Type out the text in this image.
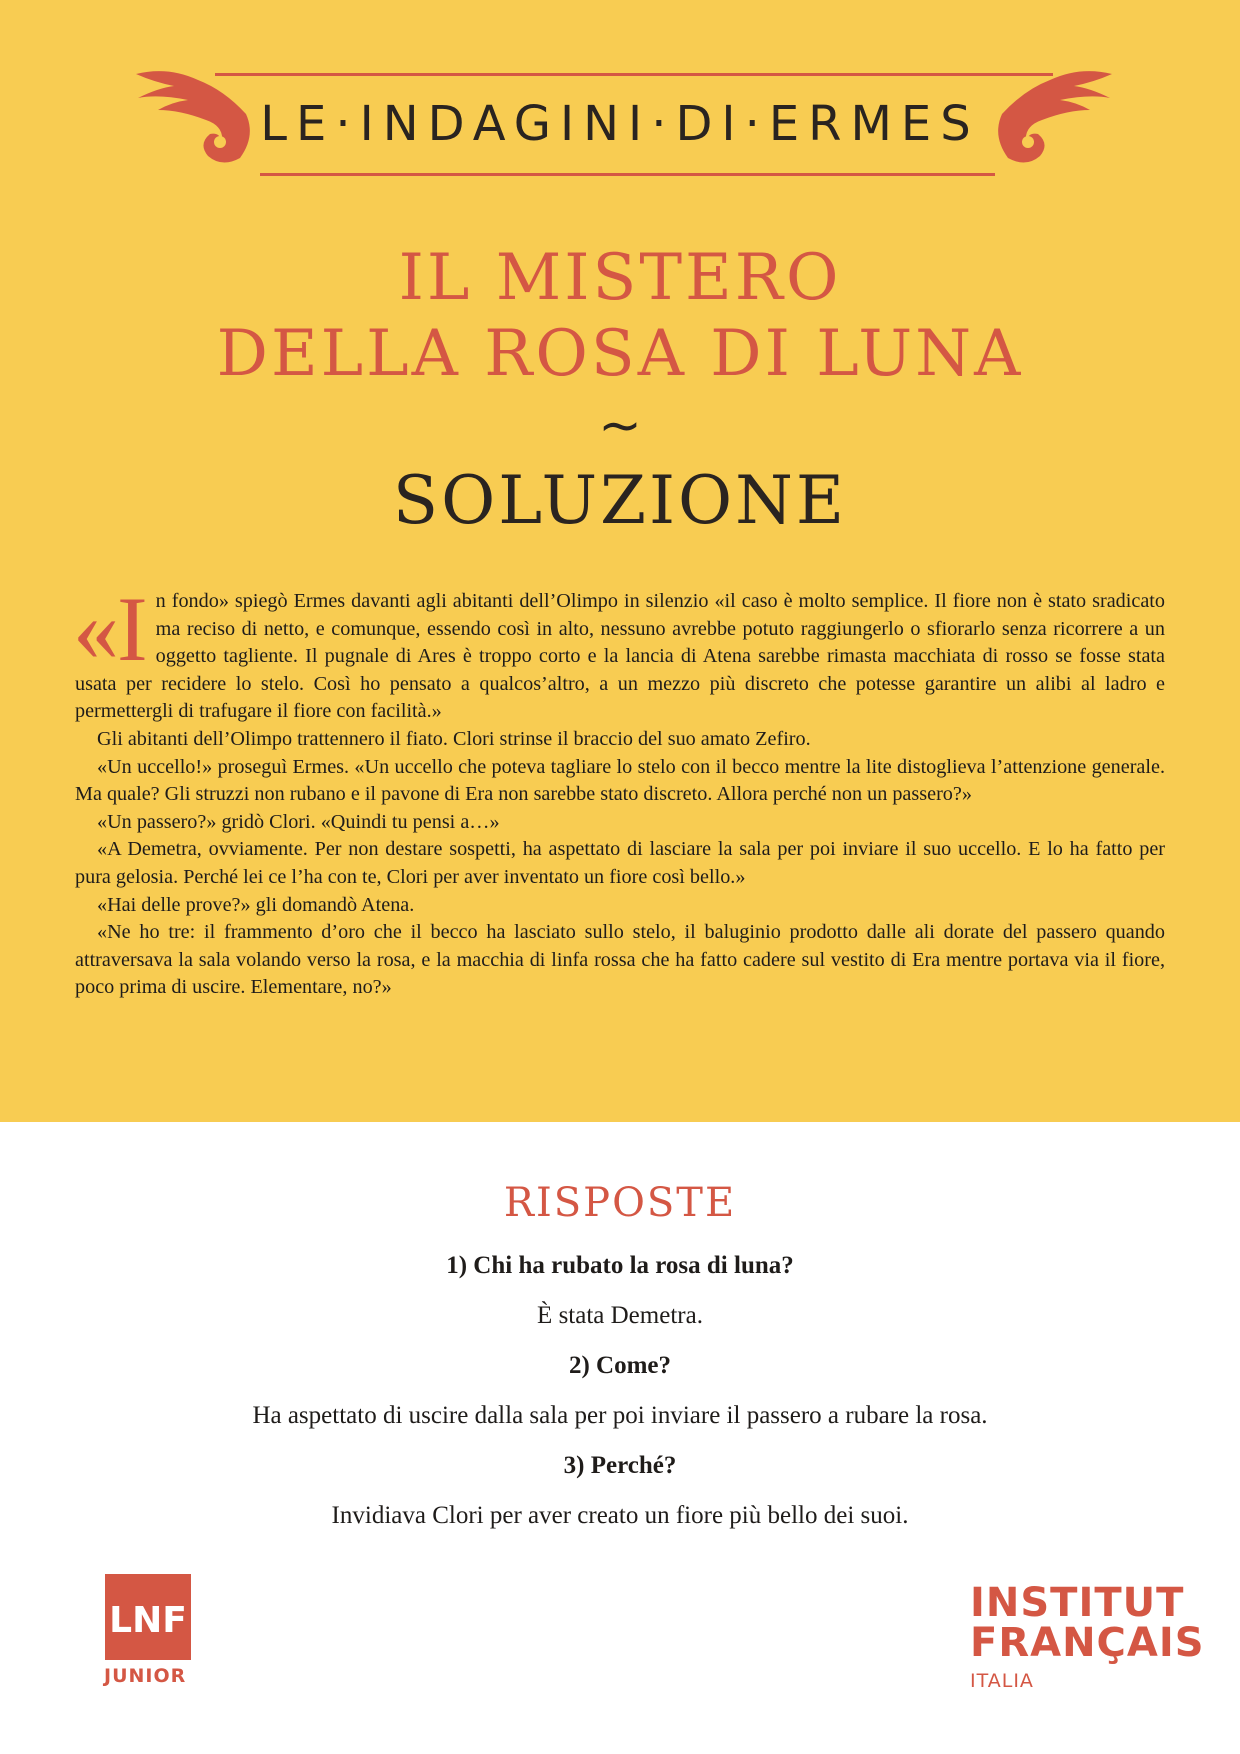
LE·INDAGINI·DI·ERMES
IL MISTERO
DELLA ROSA DI LUNA
~
SOLUZIONE

«In fondo» spiegò Ermes davanti agli abitanti dell’Olimpo in silenzio «il caso è molto semplice. Il fiore non è stato sradicato ma reciso di netto, e comunque, essendo così in alto, nessuno avrebbe potuto raggiungerlo o sfiorarlo senza ricorrere a un oggetto tagliente. Il pugnale di Ares è troppo corto e la lancia di Atena sarebbe rimasta macchiata di rosso se fosse stata usata per recidere lo stelo. Così ho pensato a qualcos’altro, a un mezzo più discreto che potesse garantire un alibi al ladro e permettergli di trafugare il fiore con facilità.»

Gli abitanti dell’Olimpo trattennero il fiato. Clori strinse il braccio del suo amato Zefiro.

«Un uccello!» proseguì Ermes. «Un uccello che poteva tagliare lo stelo con il becco mentre la lite distoglieva l’attenzione generale. Ma quale? Gli struzzi non rubano e il pavone di Era non sarebbe stato discreto. Allora perché non un passero?»

«Un passero?» gridò Clori. «Quindi tu pensi a…»

«A Demetra, ovviamente. Per non destare sospetti, ha aspettato di lasciare la sala per poi inviare il suo uccello. E lo ha fatto per pura gelosia. Perché lei ce l’ha con te, Clori per aver inventato un fiore così bello.»

«Hai delle prove?» gli domandò Atena.

«Ne ho tre: il frammento d’oro che il becco ha lasciato sullo stelo, il baluginio prodotto dalle ali dorate del passero quando attraversava la sala volando verso la rosa, e la macchia di linfa rossa che ha fatto cadere sul vestito di Era mentre portava via il fiore, poco prima di uscire. Elementare, no?»

RISPOSTE
1) Chi ha rubato la rosa di luna?
È stata Demetra.
2) Come?
Ha aspettato di uscire dalla sala per poi inviare il passero a rubare la rosa.
3) Perché?
Invidiava Clori per aver creato un fiore più bello dei suoi.
LNF
JUNIOR
INSTITUT
FRANÇAIS
ITALIA
